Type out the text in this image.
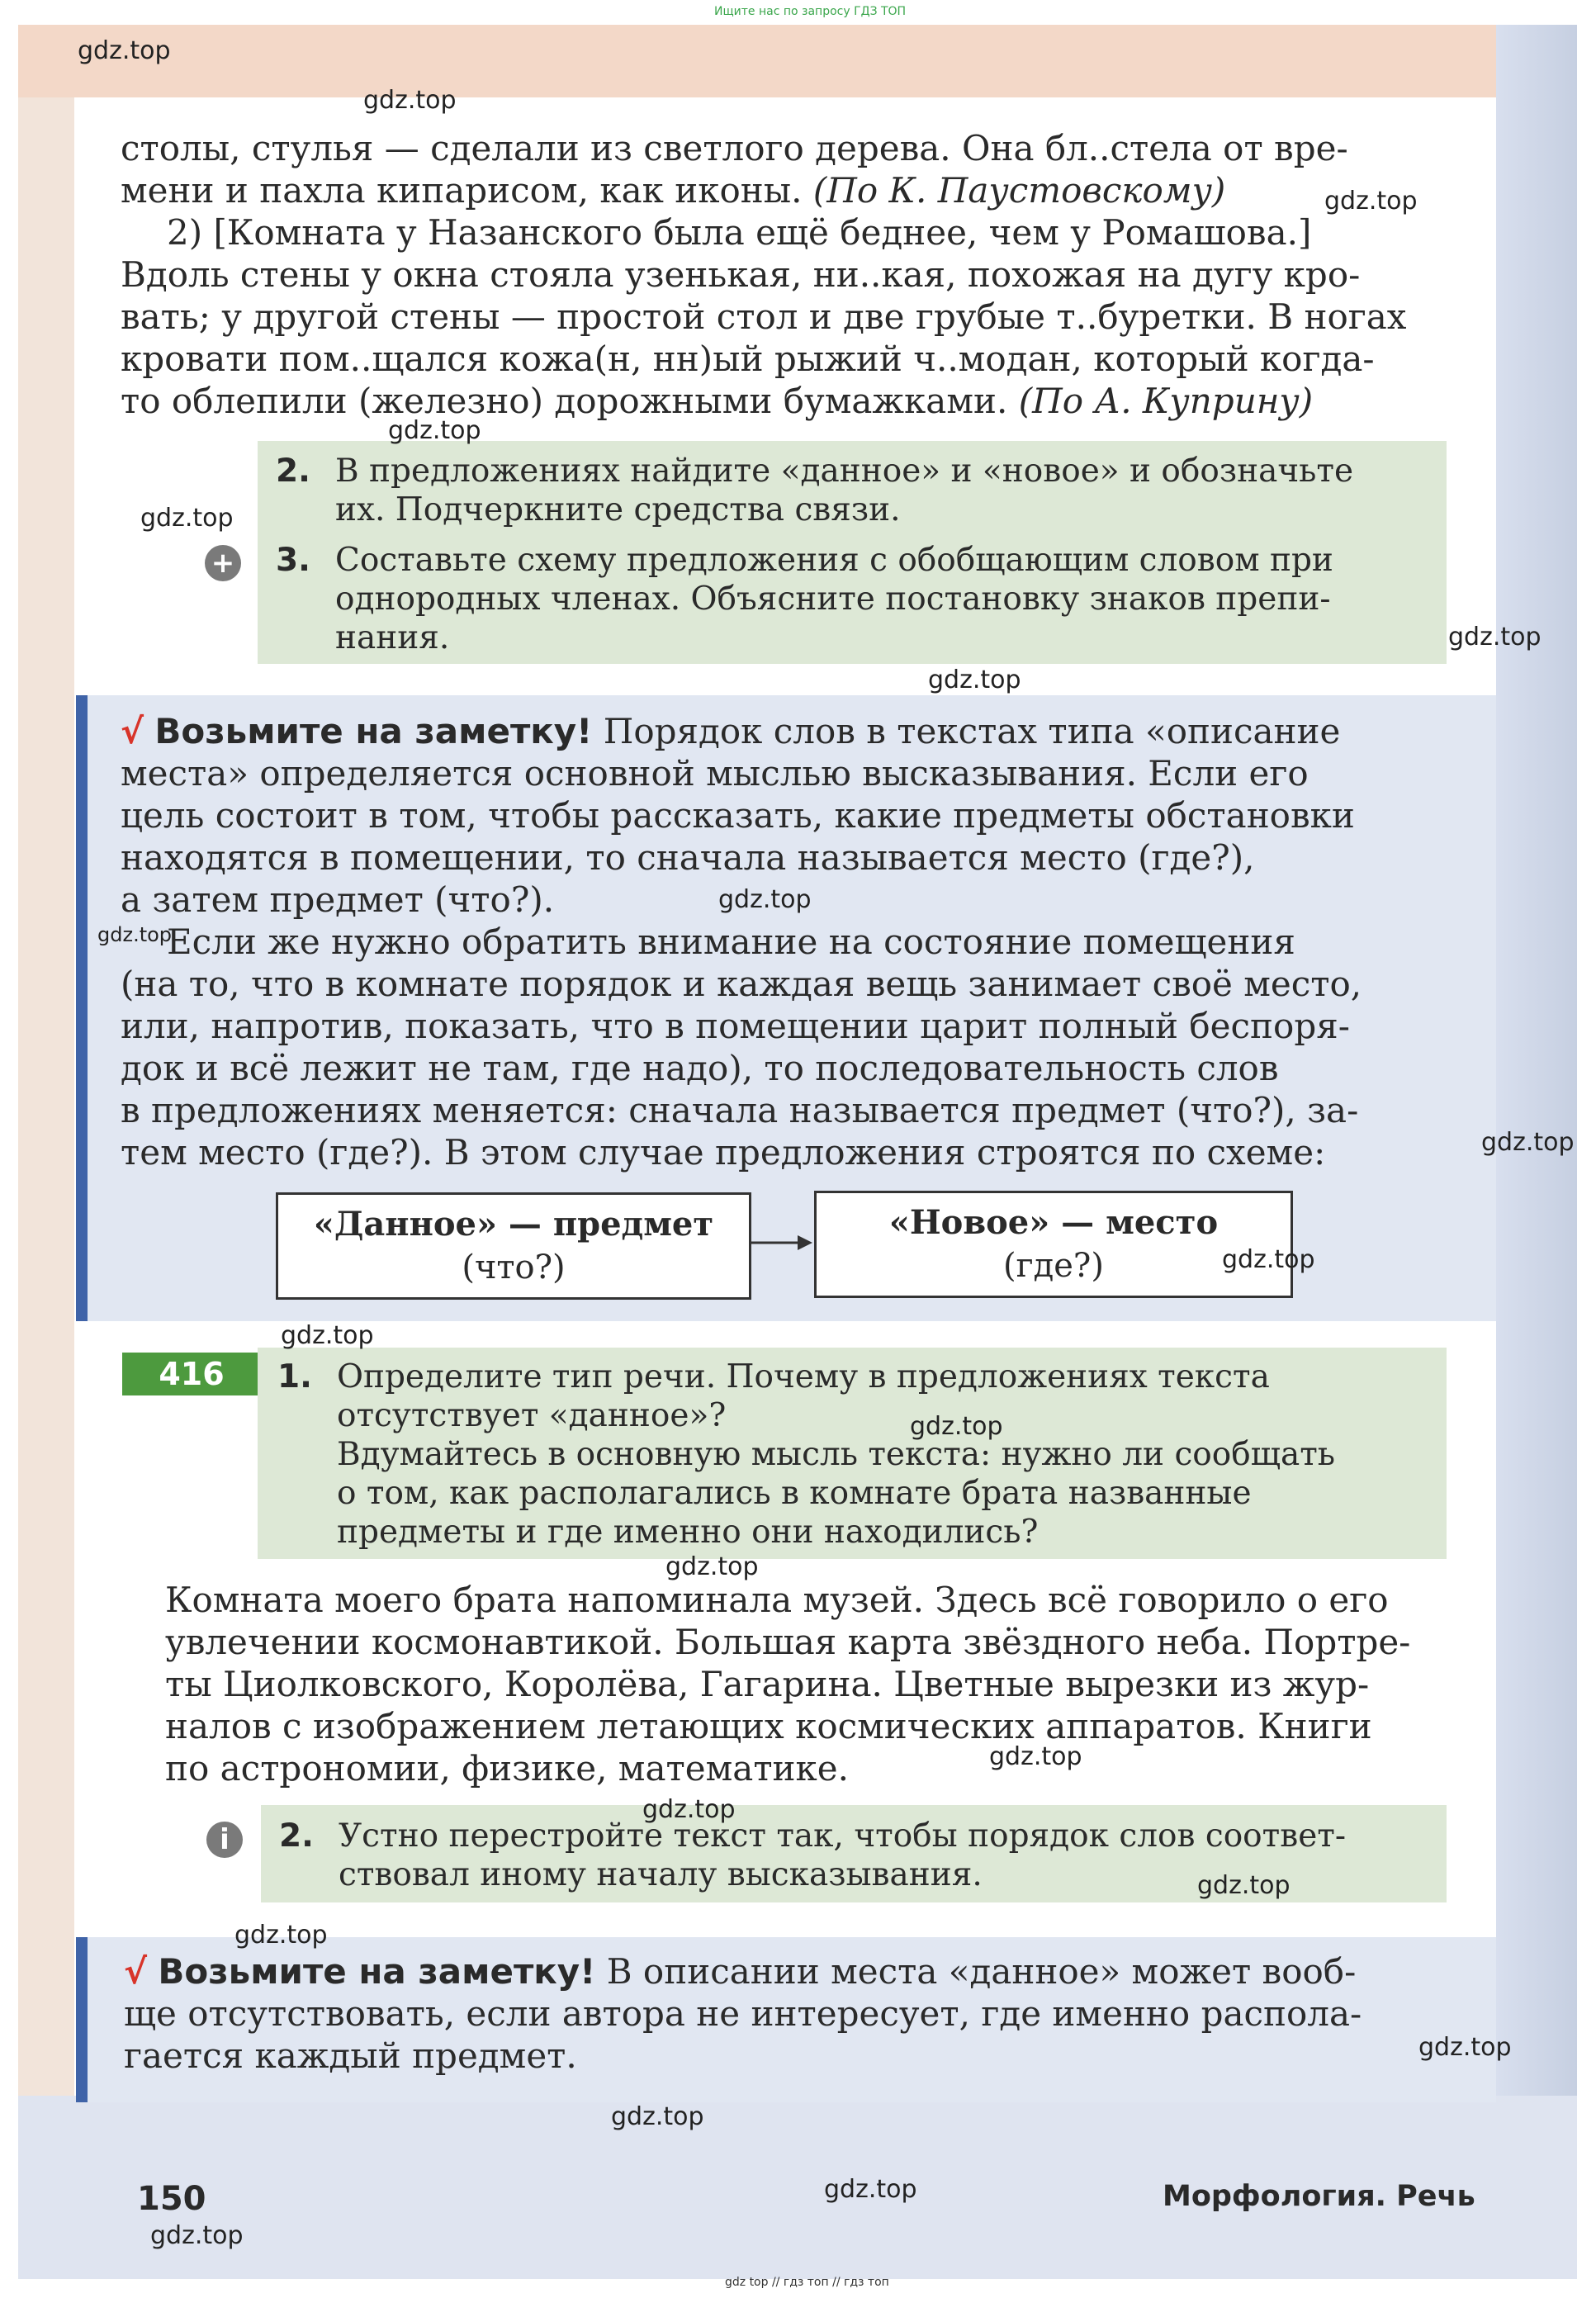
Ищите нас по запросу ГДЗ ТОП

столы, стулья — сделали из светлого дерева. Она бл..стела от вре-

мени и пахла кипарисом, как иконы. (По К. Паустовскому)

2) [Комната у Назанского была ещё беднее, чем у Ромашова.]

Вдоль стены у окна стояла узенькая, ни..кая, похожая на дугу кро-

вать; у другой стены — простой стол и две грубые т..буретки. В ногах

кровати пом..щался кожа(н, нн)ый рыжий ч..модан, который когда-

то облепили (железно) дорожными бумажками. (По А. Куприну)

2. В предложениях найдите «данное» и «новое» и обозначьте
их. Подчеркните средства связи.
+ 3. Составьте схему предложения с обобщающим словом при
однородных членах. Объясните постановку знаков препи-
нания.

√ Возьмите на заметку! Порядок слов в текстах типа «описание

места» определяется основной мыслью высказывания. Если его

цель состоит в том, чтобы рассказать, какие предметы обстановки

находятся в помещении, то сначала называется место (где?),

а затем предмет (что?).

Если же нужно обратить внимание на состояние помещения

(на то, что в комнате порядок и каждая вещь занимает своё место,

или, напротив, показать, что в помещении царит полный беспоря-

док и всё лежит не там, где надо), то последовательность слов

в предложениях меняется: сначала называется предмет (что?), за-

тем место (где?). В этом случае предложения строятся по схеме:

«Данное» — предмет
(что?)
«Новое» — место
(где?)
416	1. Определите тип речи. Почему в предложениях текста
отсутствует «данное»?
Вдумайтесь в основную мысль текста: нужно ли сообщать
о том, как располагались в комнате брата названные
предметы и где именно они находились?

Комната моего брата напоминала музей. Здесь всё говорило о его

увлечении космонавтикой. Большая карта звёздного неба. Портре-

ты Циолковского, Королёва, Гагарина. Цветные вырезки из жур-

налов с изображением летающих космических аппаратов. Книги

по астрономии, физике, математике.

i	2. Устно перестройте текст так, чтобы порядок слов соответ-
ствовал иному началу высказывания.

√ Возьмите на заметку! В описании места «данное» может вооб-

ще отсутствовать, если автора не интересует, где именно распола-

гается каждый предмет.

150	Морфология. Речь
gdz top // гдз топ // гдз топ
gdz.top
gdz.top
gdz.top
gdz.top
gdz.top
gdz.top
gdz.top
gdz.top
gdz.top
gdz.top
gdz.top
gdz.top
gdz.top
gdz.top
gdz.top
gdz.top
gdz.top
gdz.top
gdz.top
gdz.top
gdz.top
gdz.top
